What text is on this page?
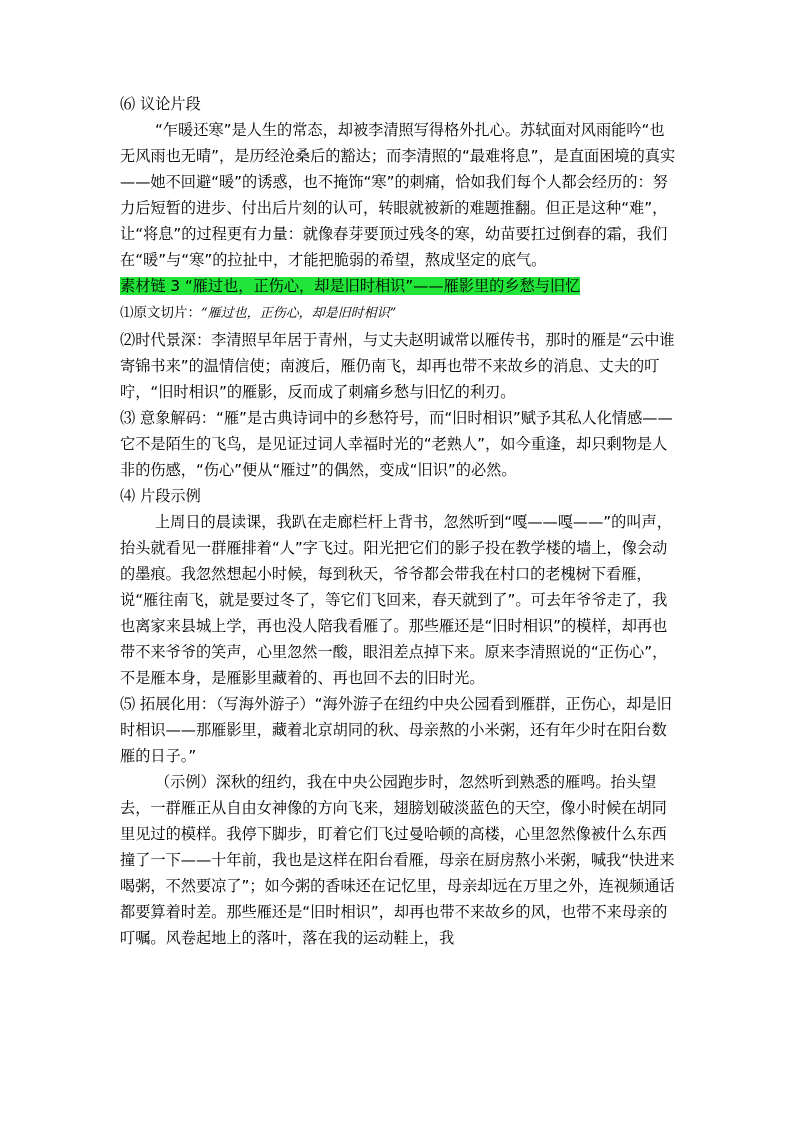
⑹ 议论片段

“乍暖还寒”是人生的常态，却被李清照写得格外扎心。苏轼面对风雨能吟“也无风雨也无晴”，是历经沧桑后的豁达；而李清照的“最难将息”，是直面困境的真实——她不回避“暖”的诱惑，也不掩饰“寒”的刺痛，恰如我们每个人都会经历的：努力后短暂的进步、付出后片刻的认可，转眼就被新的难题推翻。但正是这种“难”，让“将息”的过程更有力量：就像春芽要顶过残冬的寒，幼苗要扛过倒春的霜，我们在“暖”与“寒”的拉扯中，才能把脆弱的希望，熬成坚定的底气。

素材链 3 “雁过也，正伤心，却是旧时相识”——雁影里的乡愁与旧忆

⑴原文切片：“雁过也，正伤心，却是旧时相识”

⑵时代景深：李清照早年居于青州，与丈夫赵明诚常以雁传书，那时的雁是“云中谁寄锦书来”的温情信使；南渡后，雁仍南飞，却再也带不来故乡的消息、丈夫的叮咛，“旧时相识”的雁影，反而成了刺痛乡愁与旧忆的利刃。

⑶ 意象解码：“雁”是古典诗词中的乡愁符号，而“旧时相识”赋予其私人化情感——它不是陌生的飞鸟，是见证过词人幸福时光的“老熟人”，如今重逢，却只剩物是人非的伤感，“伤心”便从“雁过”的偶然，变成“旧识”的必然。

⑷ 片段示例

上周日的晨读课，我趴在走廊栏杆上背书，忽然听到“嘎——嘎——”的叫声，抬头就看见一群雁排着“人”字飞过。阳光把它们的影子投在教学楼的墙上，像会动的墨痕。我忽然想起小时候，每到秋天，爷爷都会带我在村口的老槐树下看雁，说“雁往南飞，就是要过冬了，等它们飞回来，春天就到了”。可去年爷爷走了，我也离家来县城上学，再也没人陪我看雁了。那些雁还是“旧时相识”的模样，却再也带不来爷爷的笑声，心里忽然一酸，眼泪差点掉下来。原来李清照说的“正伤心”，不是雁本身，是雁影里藏着的、再也回不去的旧时光。

⑸ 拓展化用：（写海外游子）“海外游子在纽约中央公园看到雁群，正伤心，却是旧时相识——那雁影里，藏着北京胡同的秋、母亲熬的小米粥，还有年少时在阳台数雁的日子。”

（示例）深秋的纽约，我在中央公园跑步时，忽然听到熟悉的雁鸣。抬头望去，一群雁正从自由女神像的方向飞来，翅膀划破淡蓝色的天空，像小时候在胡同里见过的模样。我停下脚步，盯着它们飞过曼哈顿的高楼，心里忽然像被什么东西撞了一下——十年前，我也是这样在阳台看雁，母亲在厨房熬小米粥，喊我“快进来喝粥，不然要凉了”；如今粥的香味还在记忆里，母亲却远在万里之外，连视频通话都要算着时差。那些雁还是“旧时相识”，却再也带不来故乡的风，也带不来母亲的叮嘱。风卷起地上的落叶，落在我的运动鞋上，我
